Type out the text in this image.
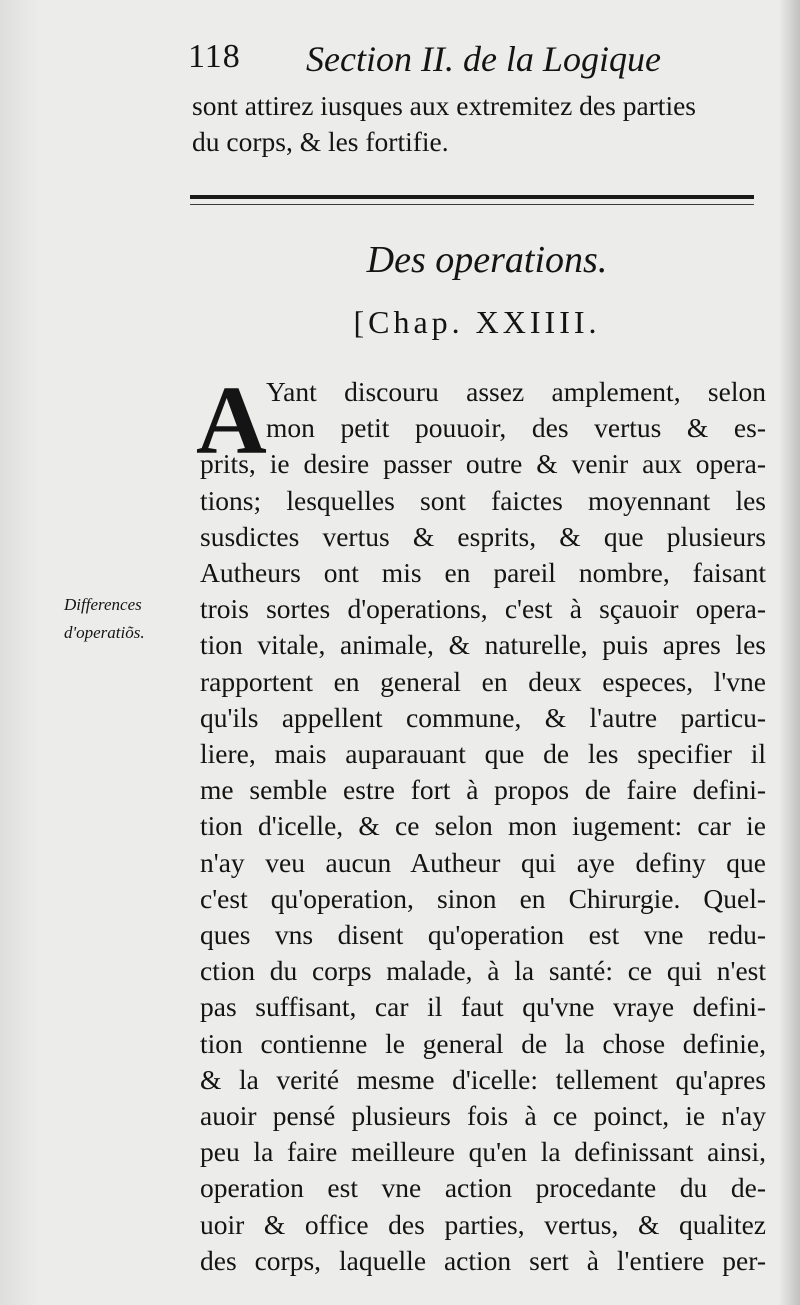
118 Section II. de la Logique
sont attirez iusques aux extremitez des parties
du corps, & les fortifie.
Des operations.
[Chap. XXIIII.
A
Differences
d'operatiõs.
Yant discouru assez amplement, selon
mon petit pouuoir, des vertus & es-
prits, ie desire passer outre & venir aux opera-
tions; lesquelles sont faictes moyennant les
susdictes vertus & esprits, & que plusieurs
Autheurs ont mis en pareil nombre, faisant
trois sortes d'operations, c'est à sçauoir opera-
tion vitale, animale, & naturelle, puis apres les
rapportent en general en deux especes, l'vne
qu'ils appellent commune, & l'autre particu-
liere, mais auparauant que de les specifier il
me semble estre fort à propos de faire defini-
tion d'icelle, & ce selon mon iugement: car ie
n'ay veu aucun Autheur qui aye definy que
c'est qu'operation, sinon en Chirurgie. Quel-
ques vns disent qu'operation est vne redu-
ction du corps malade, à la santé: ce qui n'est
pas suffisant, car il faut qu'vne vraye defini-
tion contienne le general de la chose definie,
& la verité mesme d'icelle: tellement qu'apres
auoir pensé plusieurs fois à ce poinct, ie n'ay
peu la faire meilleure qu'en la definissant ainsi,
operation est vne action procedante du de-
uoir & office des parties, vertus, & qualitez
des corps, laquelle action sert à l'entiere per-
